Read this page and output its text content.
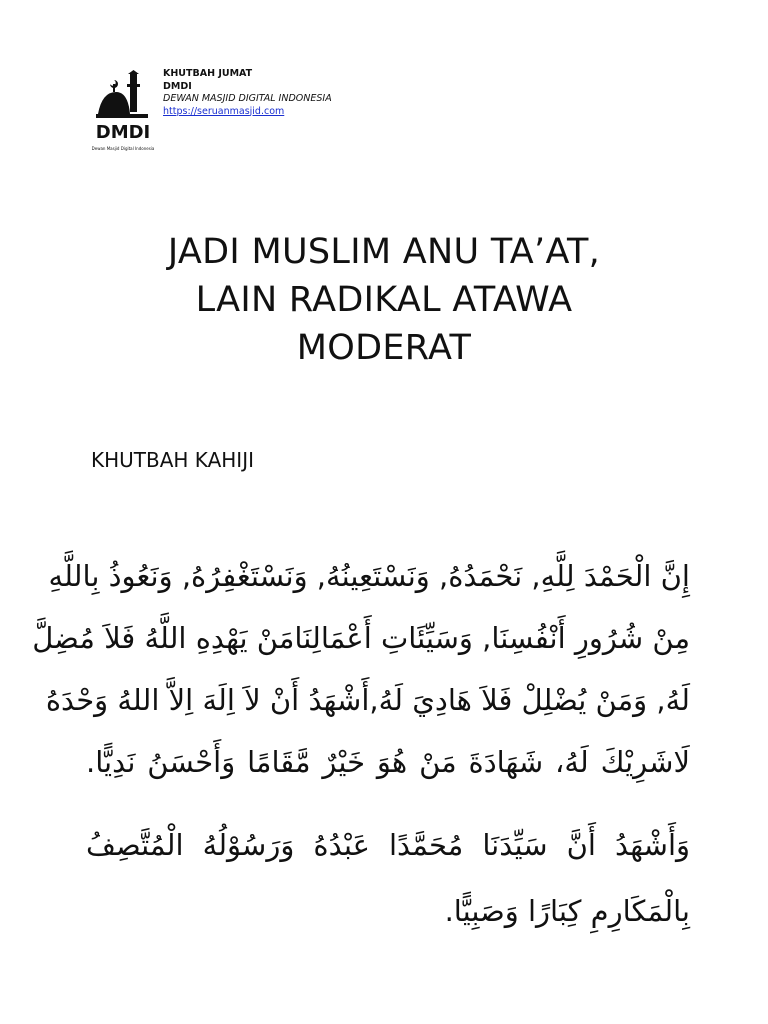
DMDI
Dewan Masjid Digital Indonesia
KHUTBAH JUMAT
DMDI
DEWAN MASJID DIGITAL INDONESIA
https://seruanmasjid.com
JADI MUSLIM ANU TA’AT,
LAIN RADIKAL ATAWA
MODERAT
KHUTBAH KAHIJI
إِنَّ الْحَمْدَ لِلَّهِ, نَحْمَدُهُ, وَنَسْتَعِينُهُ, وَنَسْتَغْفِرُهُ, وَنَعُوذُ بِاللَّهِ
مِنْ شُرُورِ أَنْفُسِنَا, وَسَيِّئَاتِ أَعْمَالِنَامَنْ يَهْدِهِ اللَّهُ فَلاَ مُضِلَّ
لَهُ, وَمَنْ يُضْلِلْ فَلاَ هَادِيَ لَهُ,أَشْهَدُ أَنْ لاَ اِلَهَ اِلاَّ اللهُ وَحْدَهُ
لَاشَرِيْكَ لَهُ، شَهَادَةَ مَنْ هُوَ خَيْرٌ مَّقَامًا وَأَحْسَنُ نَدِيًّا.
وَأَشْهَدُ أَنَّ سَيِّدَنَا مُحَمَّدًا عَبْدُهُ وَرَسُوْلُهُ الْمُتَّصِفُ
بِالْمَكَارِمِ كِبَارًا وَصَبِيًّا.
